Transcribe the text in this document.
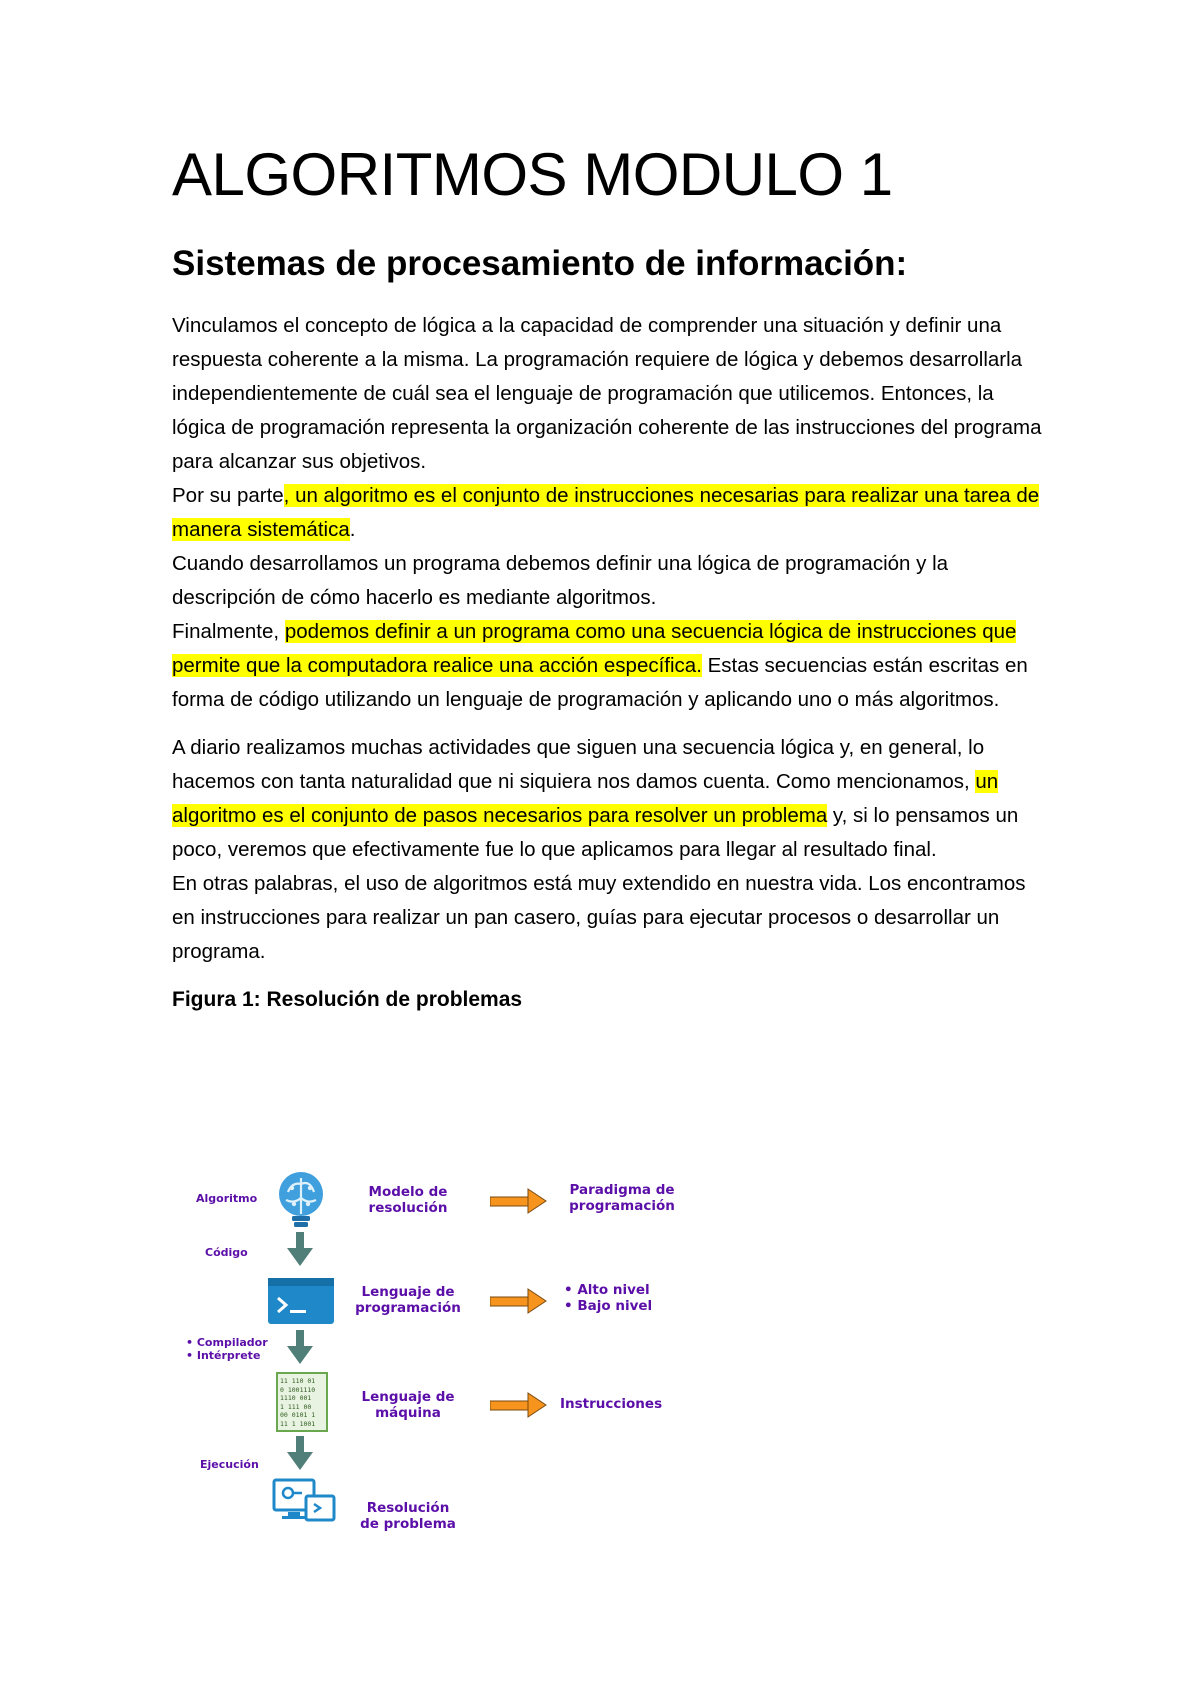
ALGORITMOS MODULO 1
Sistemas de procesamiento de información:

Vinculamos el concepto de lógica a la capacidad de comprender una situación y definir una respuesta coherente a la misma. La programación requiere de lógica y debemos desarrollarla independientemente de cuál sea el lenguaje de programación que utilicemos. Entonces, la lógica de programación representa la organización coherente de las instrucciones del programa para alcanzar sus objetivos.
Por su parte, un algoritmo es el conjunto de instrucciones necesarias para realizar una tarea de manera sistemática.
Cuando desarrollamos un programa debemos definir una lógica de programación y la descripción de cómo hacerlo es mediante algoritmos.
Finalmente, podemos definir a un programa como una secuencia lógica de instrucciones que permite que la computadora realice una acción específica. Estas secuencias están escritas en forma de código utilizando un lenguaje de programación y aplicando uno o más algoritmos.

A diario realizamos muchas actividades que siguen una secuencia lógica y, en general, lo hacemos con tanta naturalidad que ni siquiera nos damos cuenta. Como mencionamos, un algoritmo es el conjunto de pasos necesarios para resolver un problema y, si lo pensamos un poco, veremos que efectivamente fue lo que aplicamos para llegar al resultado final.
En otras palabras, el uso de algoritmos está muy extendido en nuestra vida. Los encontramos en instrucciones para realizar un pan casero, guías para ejecutar procesos o desarrollar un programa.

Figura 1: Resolución de problemas

Algoritmo
Código
• Compilador
• Intérprete
Ejecución
11 110 01
0 1001110
1110 001
1 111 00
00 0101 1
11 1 1001
Modelo de
resolución
Lenguaje de
programación
Lenguaje de
máquina
Resolución
de problema
Paradigma de
programación
• Alto nivel
• Bajo nivel
Instrucciones
